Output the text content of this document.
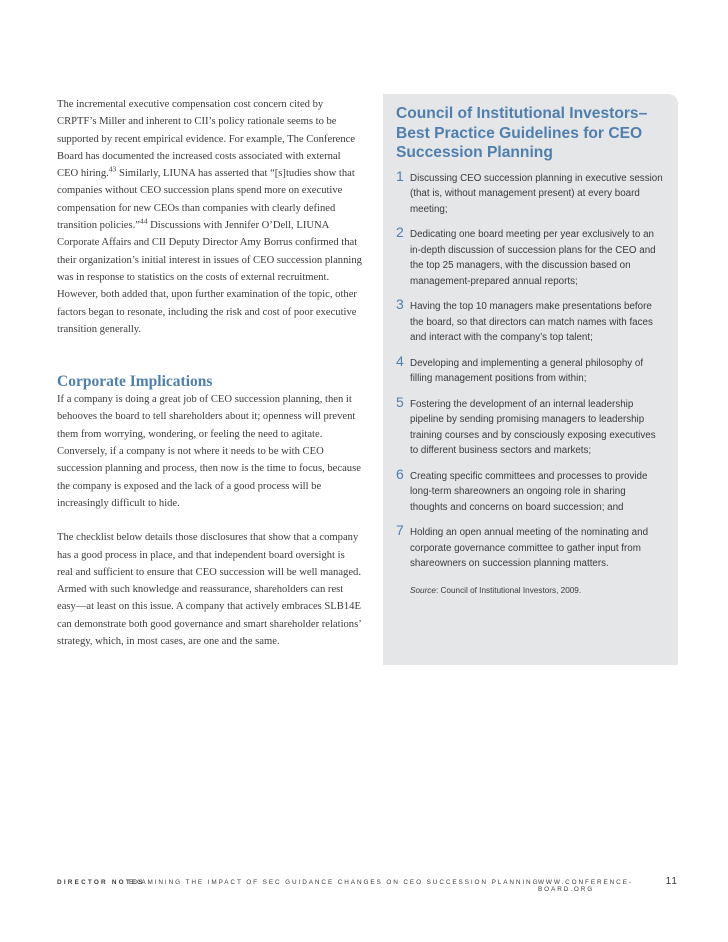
The incremental executive compensation cost concern cited by CRPTF’s Miller and inherent to CII’s policy rationale seems to be supported by recent empirical evidence. For example, The Conference Board has documented the increased costs associated with external CEO hiring.$^{43}$ Similarly, LIUNA has asserted that “[s]tudies show that companies without CEO succession plans spend more on executive compensation for new CEOs than companies with clearly defined transition policies.”$^{44}$ Discussions with Jennifer O’Dell, LIUNA Corporate Affairs and CII Deputy Director Amy Borrus confirmed that their organization’s initial interest in issues of CEO succession planning was in response to statistics on the costs of external recruitment. However, both added that, upon further examination of the topic, other factors began to resonate, including the risk and cost of poor executive transition generally.

Corporate Implications

If a company is doing a great job of CEO succession planning, then it behooves the board to tell shareholders about it; openness will prevent them from worrying, wondering, or feeling the need to agitate. Conversely, if a company is not where it needs to be with CEO succession planning and process, then now is the time to focus, because the company is exposed and the lack of a good process will be increasingly difficult to hide.

The checklist below details those disclosures that show that a company has a good process in place, and that independent board oversight is real and sufficient to ensure that CEO succession will be well managed. Armed with such knowledge and reassurance, shareholders can rest easy—at least on this issue. A company that actively embraces SLB14E can demonstrate both good governance and smart shareholder relations’ strategy, which, in most cases, are one and the same.

Council of Institutional Investors–
Best Practice Guidelines for CEO
Succession Planning
1 Discussing CEO succession planning in executive session (that is, without management present) at every board meeting;
2 Dedicating one board meeting per year exclusively to an in-depth discussion of succession plans for the CEO and the top 25 managers, with the discussion based on management-prepared annual reports;
3 Having the top 10 managers make presentations before the board, so that directors can match names with faces and interact with the company’s top talent;
4 Developing and implementing a general philosophy of filling management positions from within;
5 Fostering the development of an internal leadership pipeline by sending promising managers to leadership training courses and by consciously exposing executives to different business sectors and markets;
6 Creating specific committees and processes to provide long-term shareowners an ongoing role in sharing thoughts and concerns on board succession; and
7 Holding an open annual meeting of the nominating and corporate governance committee to gather input from shareowners on succession planning matters.
Source: Council of Institutional Investors, 2009.
DIRECTOR NOTES
EXAMINING THE IMPACT OF SEC GUIDANCE CHANGES ON CEO SUCCESSION PLANNING
WWW.CONFERENCE-BOARD.ORG
11
